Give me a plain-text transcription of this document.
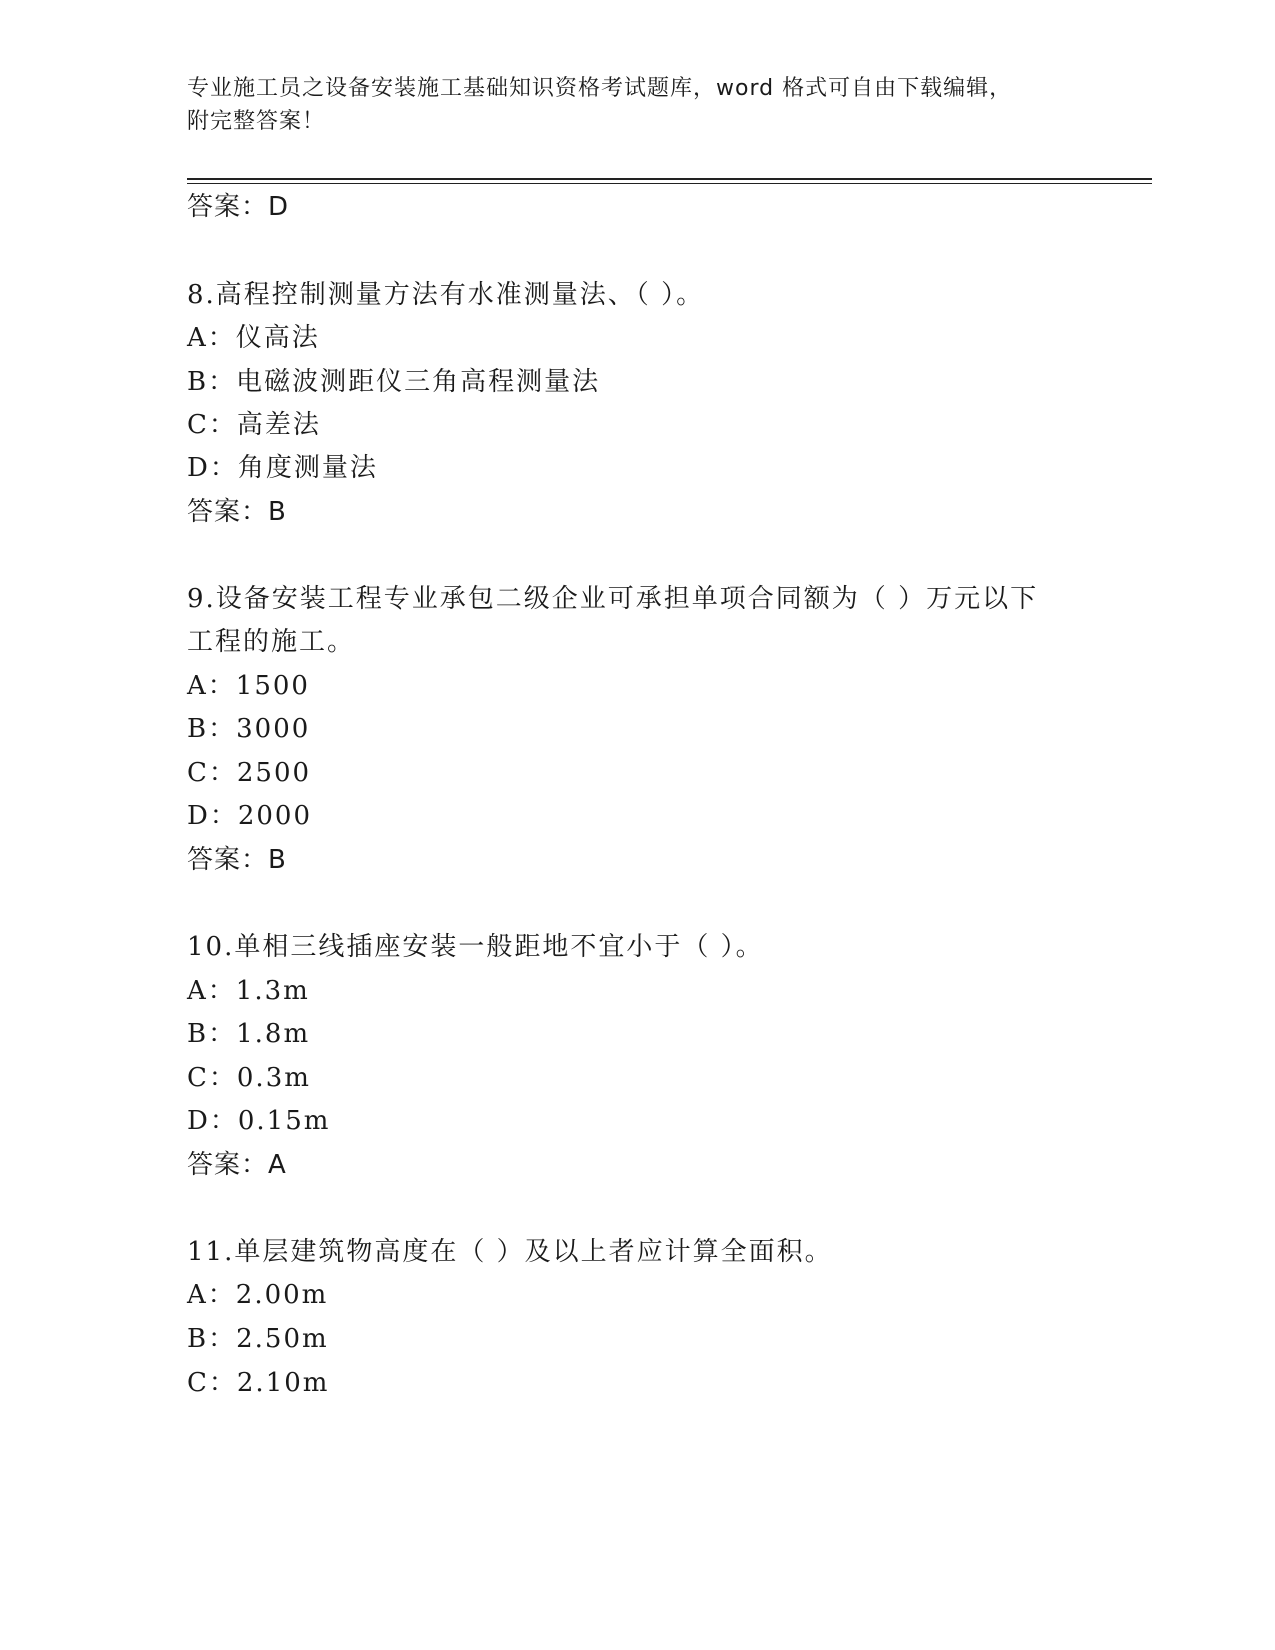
专业施工员之设备安装施工基础知识资格考试题库，word 格式可自由下载编辑，
附完整答案！
答案：D
8.高程控制测量方法有水准测量法、（ ）。
A：仪高法
B：电磁波测距仪三角高程测量法
C：高差法
D：角度测量法
答案：B
9.设备安装工程专业承包二级企业可承担单项合同额为（ ）万元以下
工程的施工。
A：1500
B：3000
C：2500
D：2000
答案：B
10.单相三线插座安装一般距地不宜小于（ ）。
A：1.3m
B：1.8m
C：0.3m
D：0.15m
答案：A
11.单层建筑物高度在（ ）及以上者应计算全面积。
A：2.00m
B：2.50m
C：2.10m
